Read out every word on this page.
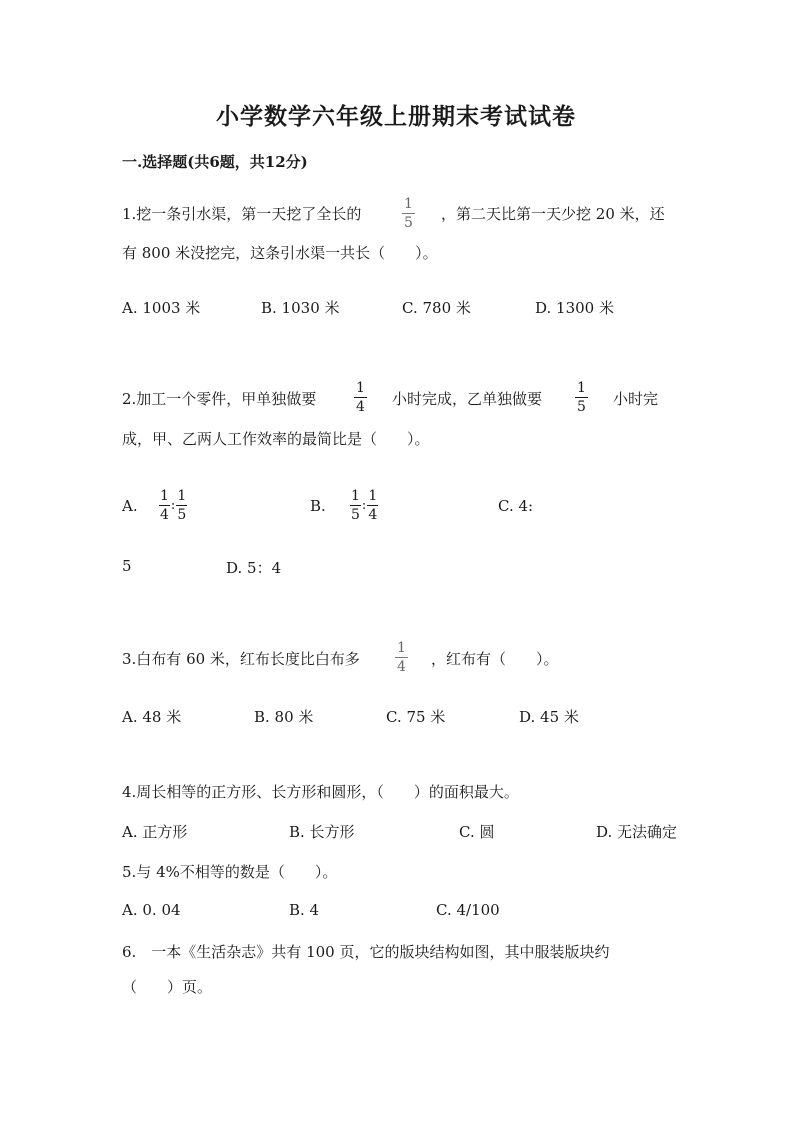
小学数学六年级上册期末考试试卷
一.选择题(共6题，共12分)
1.挖一条引水渠，第一天挖了全长的	$\frac{1}{5}$ ，第二天比第一天少挖 20 米，还
有 800 米没挖完，这条引水渠一共长（　　）。
A. 1003 米	B. 1030 米	C. 780 米	D. 1300 米
2.加工一个零件，甲单独做要	$\frac{1}{4}$ 小时完成，乙单独做要 $\frac{1}{5}$ 小时完
成，甲、乙两人工作效率的最简比是（　　）。
A. $\frac{1}{4}$ : $\frac{1}{5}$	B. $\frac{1}{5}$ : $\frac{1}{4}$	C. 4:
5	D. 5：4
3.白布有 60 米，红布长度比白布多	$\frac{1}{4}$ ，红布有（　　）。
A. 48 米	B. 80 米	C. 75 米	D. 45 米
4.周长相等的正方形、长方形和圆形，（　　）的面积最大。
A. 正方形	B. 长方形	C. 圆	D. 无法确定
5.与 4%不相等的数是（　　）。
A. 0. 04	B. 4	C. 4/100
6.　一本《生活杂志》共有 100 页，它的版块结构如图，其中服装版块约
（　　）页。
